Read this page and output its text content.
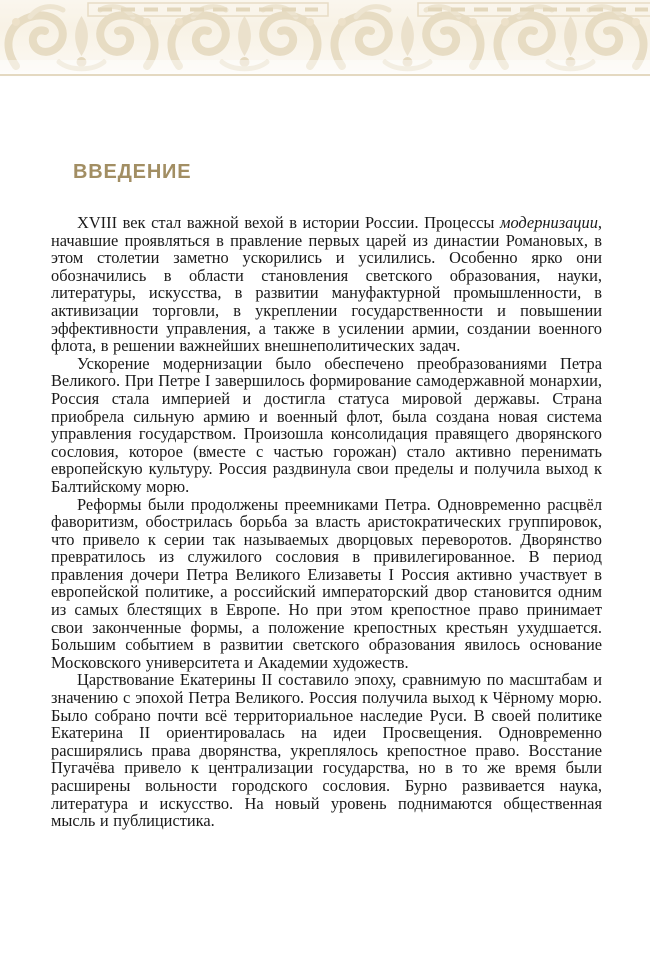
ВВЕДЕНИЕ

XVIII век стал важной вехой в истории России. Процессы модернизации, начавшие проявляться в правление первых царей из династии Романовых, в этом столетии заметно ускорились и усилились. Особенно ярко они обозначились в области становления светского образования, науки, литературы, искусства, в развитии мануфактурной промышленности, в активизации торговли, в укреплении государственности и повышении эффективности управления, а также в усилении армии, создании военного флота, в решении важнейших внешнеполитических задач.

Ускорение модернизации было обеспечено преобразованиями Петра Великого. При Петре I завершилось формирование самодержавной монархии, Россия стала империей и достигла статуса мировой державы. Страна приобрела сильную армию и военный флот, была создана новая система управления государством. Произошла консолидация правящего дворянского сословия, которое (вместе с частью горожан) стало активно перенимать европейскую культуру. Россия раздвинула свои пределы и получила выход к Балтийскому морю.

Реформы были продолжены преемниками Петра. Одновременно расцвёл фаворитизм, обострилась борьба за власть аристократических группировок, что привело к серии так называемых дворцовых переворотов. Дворянство превратилось из служилого сословия в привилегированное. В период правления дочери Петра Великого Елизаветы I Россия активно участвует в европейской политике, а российский императорский двор становится одним из самых блестящих в Европе. Но при этом крепостное право принимает свои законченные формы, а положение крепостных крестьян ухудшается. Большим событием в развитии светского образования явилось основание Московского университета и Академии художеств.

Царствование Екатерины II составило эпоху, сравнимую по масштабам и значению с эпохой Петра Великого. Россия получила выход к Чёрному морю. Было собрано почти всё территориальное наследие Руси. В своей политике Екатерина II ориентировалась на идеи Просвещения. Одновременно расширялись права дворянства, укреплялось крепостное право. Восстание Пугачёва привело к централизации государства, но в то же время были расширены вольности городского сословия. Бурно развивается наука, литература и искусство. На новый уровень поднимаются общественная мысль и публицистика.
